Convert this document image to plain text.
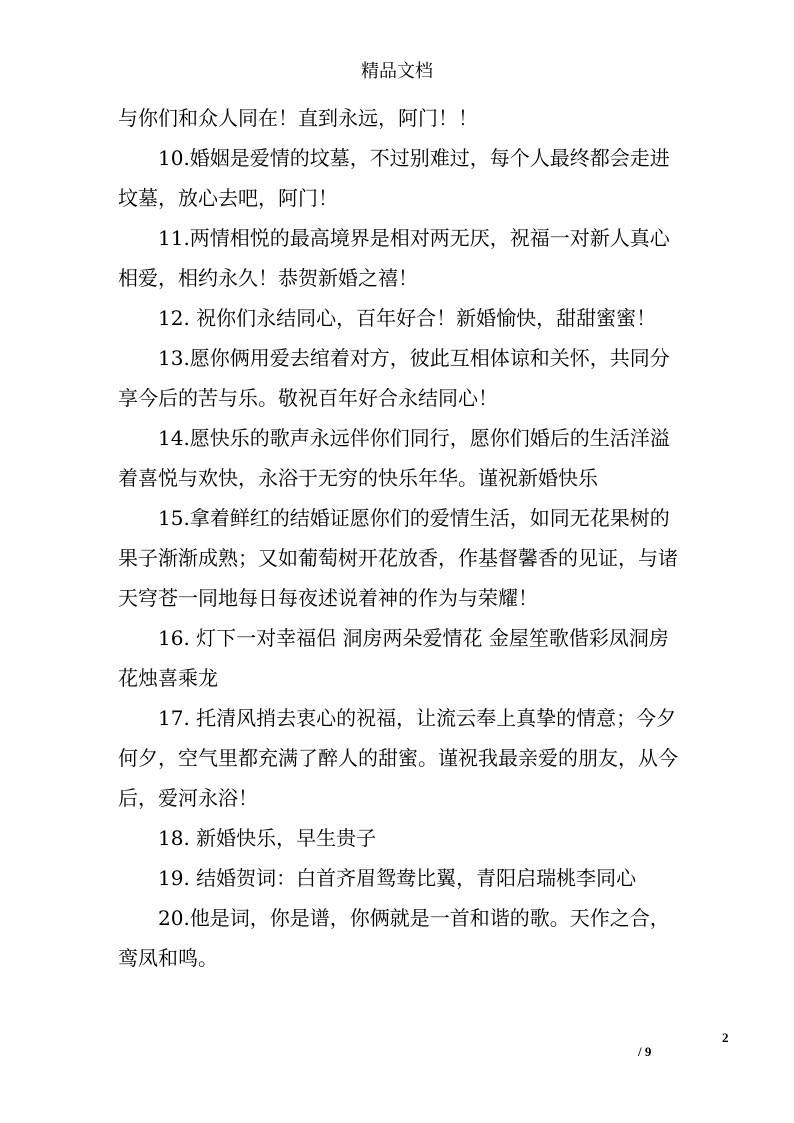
精品文档

与你们和众人同在！直到永远，阿门！！

10.婚姻是爱情的坟墓，不过别难过，每个人最终都会走进坟墓，放心去吧，阿门！

11.两情相悦的最高境界是相对两无厌，祝福一对新人真心相爱，相约永久！恭贺新婚之禧！

12. 祝你们永结同心，百年好合！新婚愉快，甜甜蜜蜜！

13.愿你俩用爱去绾着对方，彼此互相体谅和关怀，共同分享今后的苦与乐。敬祝百年好合永结同心！

14.愿快乐的歌声永远伴你们同行，愿你们婚后的生活洋溢着喜悦与欢快，永浴于无穷的快乐年华。谨祝新婚快乐

15.拿着鲜红的结婚证愿你们的爱情生活，如同无花果树的果子渐渐成熟；又如葡萄树开花放香，作基督馨香的见证，与诸天穹苍一同地每日每夜述说着神的作为与荣耀！

16. 灯下一对幸福侣 洞房两朵爱情花 金屋笙歌偕彩凤洞房花烛喜乘龙

17. 托清风捎去衷心的祝福，让流云奉上真挚的情意；今夕何夕，空气里都充满了醉人的甜蜜。谨祝我最亲爱的朋友，从今后，爱河永浴！

18. 新婚快乐，早生贵子

19. 结婚贺词：白首齐眉鸳鸯比翼，青阳启瑞桃李同心

20.他是词，你是谱，你俩就是一首和谐的歌。天作之合，鸾凤和鸣。

2
/ 9
